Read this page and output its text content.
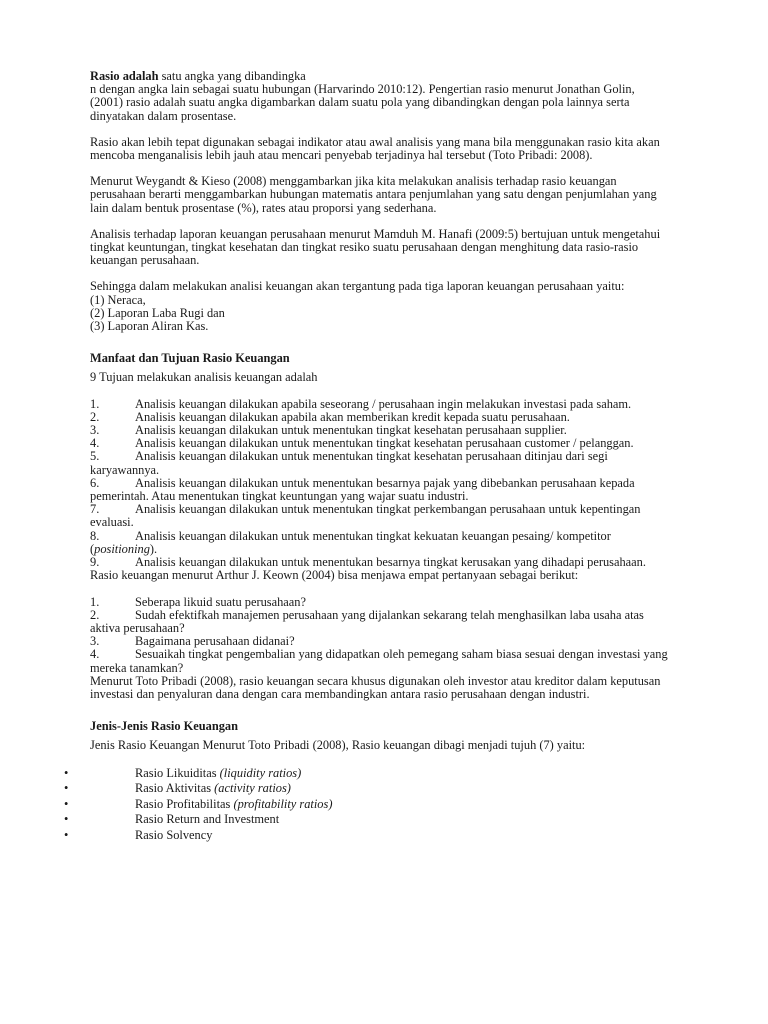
Rasio adalah satu angka yang dibandingka

n dengan angka lain sebagai suatu hubungan (Harvarindo 2010:12). Pengertian rasio menurut Jonathan Golin, (2001) rasio adalah suatu angka digambarkan dalam suatu pola yang dibandingkan dengan pola lainnya serta dinyatakan dalam prosentase.

Rasio akan lebih tepat digunakan sebagai indikator atau awal analisis yang mana bila menggunakan rasio kita akan mencoba menganalisis lebih jauh atau mencari penyebab terjadinya hal tersebut (Toto Pribadi: 2008).

Menurut Weygandt & Kieso (2008) menggambarkan jika kita melakukan analisis terhadap rasio keuangan perusahaan berarti menggambarkan hubungan matematis antara penjumlahan yang satu dengan penjumlahan yang lain dalam bentuk prosentase (%), rates atau proporsi yang sederhana.

Analisis terhadap laporan keuangan perusahaan menurut Mamduh M. Hanafi (2009:5) bertujuan untuk mengetahui tingkat keuntungan, tingkat kesehatan dan tingkat resiko suatu perusahaan dengan menghitung data rasio-rasio keuangan perusahaan.

Sehingga dalam melakukan analisi keuangan akan tergantung pada tiga laporan keuangan perusahaan yaitu:

(1) Neraca,

(2) Laporan Laba Rugi dan

(3) Laporan Aliran Kas.

Manfaat dan Tujuan Rasio Keuangan

9 Tujuan melakukan analisis keuangan adalah

1.	Analisis keuangan dilakukan apabila seseorang / perusahaan ingin melakukan investasi pada saham.

2.	Analisis keuangan dilakukan apabila akan memberikan kredit kepada suatu perusahaan.

3.	Analisis keuangan dilakukan untuk menentukan tingkat kesehatan perusahaan supplier.

4.	Analisis keuangan dilakukan untuk menentukan tingkat kesehatan perusahaan customer / pelanggan.

5.	Analisis keuangan dilakukan untuk menentukan tingkat kesehatan perusahaan ditinjau dari segi karyawannya.

6.	Analisis keuangan dilakukan untuk menentukan besarnya pajak yang dibebankan perusahaan kepada pemerintah. Atau menentukan tingkat keuntungan yang wajar suatu industri.

7.	Analisis keuangan dilakukan untuk menentukan tingkat perkembangan perusahaan untuk kepentingan evaluasi.

8.	Analisis keuangan dilakukan untuk menentukan tingkat kekuatan keuangan pesaing/ kompetitor (positioning).

9.	Analisis keuangan dilakukan untuk menentukan besarnya tingkat kerusakan yang dihadapi perusahaan.

Rasio keuangan menurut Arthur J. Keown (2004) bisa menjawa empat pertanyaan sebagai berikut:

1.	Seberapa likuid suatu perusahaan?

2.	Sudah efektifkah manajemen perusahaan yang dijalankan sekarang telah menghasilkan laba usaha atas aktiva perusahaan?

3.	Bagaimana perusahaan didanai?

4.	Sesuaikah tingkat pengembalian yang didapatkan oleh pemegang saham biasa sesuai dengan investasi yang mereka tanamkan?

Menurut Toto Pribadi (2008), rasio keuangan secara khusus digunakan oleh investor atau kreditor dalam keputusan investasi dan penyaluran dana dengan cara membandingkan antara rasio perusahaan dengan industri.

Jenis-Jenis Rasio Keuangan

Jenis Rasio Keuangan Menurut Toto Pribadi (2008), Rasio keuangan dibagi menjadi tujuh (7) yaitu:

•	Rasio Likuiditas (liquidity ratios)
•	Rasio Aktivitas (activity ratios)
•	Rasio Profitabilitas (profitability ratios)
•	Rasio Return and Investment
•	Rasio Solvency
